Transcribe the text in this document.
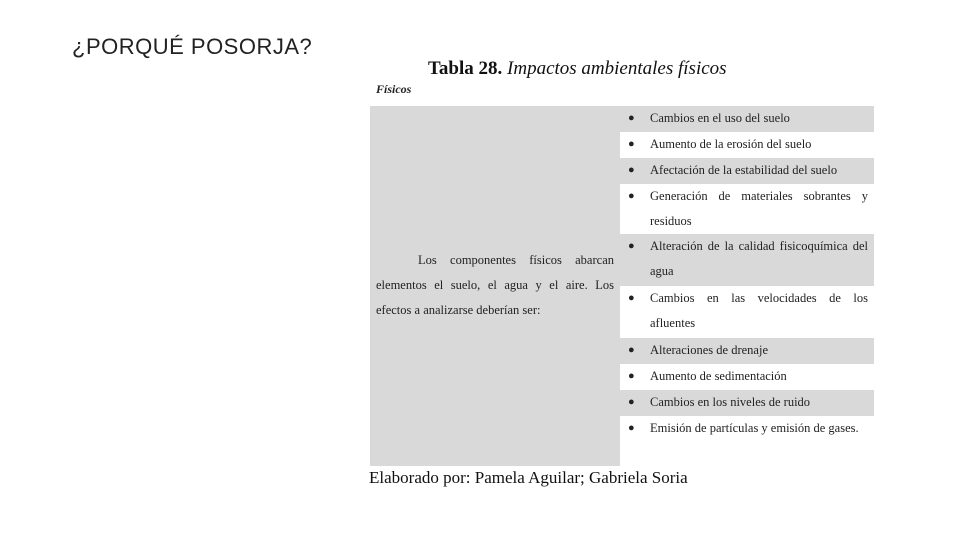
¿PORQUÉ POSORJA?
Tabla 28. Impactos ambientales físicos
Físicos
Los componentes físicos abarcan elementos el suelo, el agua y el aire. Los efectos a analizarse deberían ser:
● Cambios en el uso del suelo
● Aumento de la erosión del suelo
● Afectación de la estabilidad del suelo
● Generación de materiales sobrantes y residuos
● Alteración de la calidad fisicoquímica del agua
● Cambios en las velocidades de los afluentes
● Alteraciones de drenaje
● Aumento de sedimentación
● Cambios en los niveles de ruido
● Emisión de partículas y emisión de gases.
Elaborado por: Pamela Aguilar; Gabriela Soria
